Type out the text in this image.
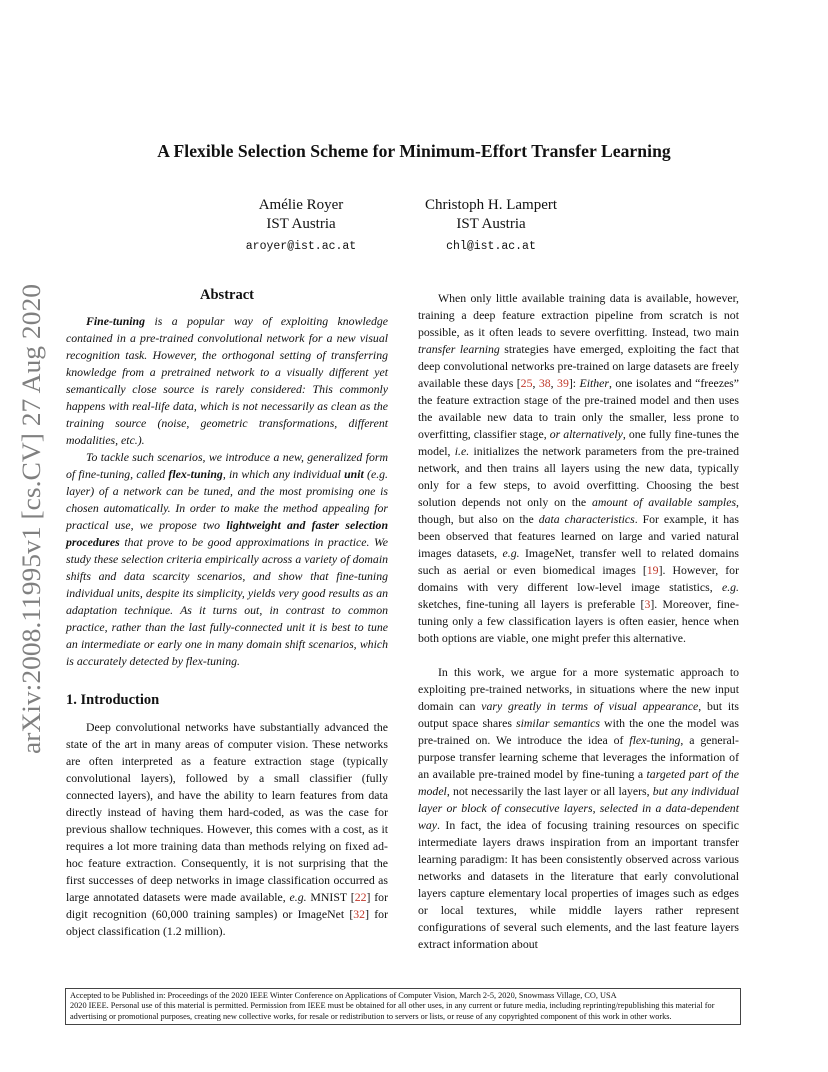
arXiv:2008.11995v1 [cs.CV] 27 Aug 2020
A Flexible Selection Scheme for Minimum-Effort Transfer Learning
Amélie Royer
IST Austria
aroyer@ist.ac.at
Christoph H. Lampert
IST Austria
chl@ist.ac.at
Abstract

Fine-tuning is a popular way of exploiting knowledge contained in a pre-trained convolutional network for a new visual recognition task. However, the orthogonal setting of transferring knowledge from a pretrained network to a visually different yet semantically close source is rarely considered: This commonly happens with real-life data, which is not necessarily as clean as the training source (noise, geometric transformations, different modalities, etc.).

To tackle such scenarios, we introduce a new, generalized form of fine-tuning, called flex-tuning, in which any individual unit (e.g. layer) of a network can be tuned, and the most promising one is chosen automatically. In order to make the method appealing for practical use, we propose two lightweight and faster selection procedures that prove to be good approximations in practice. We study these selection criteria empirically across a variety of domain shifts and data scarcity scenarios, and show that fine-tuning individual units, despite its simplicity, yields very good results as an adaptation technique. As it turns out, in contrast to common practice, rather than the last fully-connected unit it is best to tune an intermediate or early one in many domain shift scenarios, which is accurately detected by flex-tuning.

1. Introduction

Deep convolutional networks have substantially advanced the state of the art in many areas of computer vision. These networks are often interpreted as a feature extraction stage (typically convolutional layers), followed by a small classifier (fully connected layers), and have the ability to learn features from data directly instead of having them hard-coded, as was the case for previous shallow techniques. However, this comes with a cost, as it requires a lot more training data than methods relying on fixed ad-hoc feature extraction. Consequently, it is not surprising that the first successes of deep networks in image classification occurred as large annotated datasets were made available, e.g. MNIST [22] for digit recognition (60,000 training samples) or ImageNet [32] for object classification (1.2 million).

When only little available training data is available, however, training a deep feature extraction pipeline from scratch is not possible, as it often leads to severe overfitting. Instead, two main transfer learning strategies have emerged, exploiting the fact that deep convolutional networks pre-trained on large datasets are freely available these days [25, 38, 39]: Either, one isolates and “freezes” the feature extraction stage of the pre-trained model and then uses the available new data to train only the smaller, less prone to overfitting, classifier stage, or alternatively, one fully fine-tunes the model, i.e. initializes the network parameters from the pre-trained network, and then trains all layers using the new data, typically only for a few steps, to avoid overfitting. Choosing the best solution depends not only on the amount of available samples, though, but also on the data characteristics. For example, it has been observed that features learned on large and varied natural images datasets, e.g. ImageNet, transfer well to related domains such as aerial or even biomedical images [19]. However, for domains with very different low-level image statistics, e.g. sketches, fine-tuning all layers is preferable [3]. Moreover, fine-tuning only a few classification layers is often easier, hence when both options are viable, one might prefer this alternative.

In this work, we argue for a more systematic approach to exploiting pre-trained networks, in situations where the new input domain can vary greatly in terms of visual appearance, but its output space shares similar semantics with the one the model was pre-trained on. We introduce the idea of flex-tuning, a general-purpose transfer learning scheme that leverages the information of an available pre-trained model by fine-tuning a targeted part of the model, not necessarily the last layer or all layers, but any individual layer or block of consecutive layers, selected in a data-dependent way. In fact, the idea of focusing training resources on specific intermediate layers draws inspiration from an important transfer learning paradigm: It has been consistently observed across various networks and datasets in the literature that early convolutional layers capture elementary local properties of images such as edges or local textures, while middle layers rather represent configurations of several such elements, and the last feature layers extract information about

Accepted to be Published in: Proceedings of the 2020 IEEE Winter Conference on Applications of Computer Vision, March 2-5, 2020, Snowmass Village, CO, USA
2020 IEEE. Personal use of this material is permitted. Permission from IEEE must be obtained for all other uses, in any current or future media, including reprinting/republishing this material for advertising or promotional purposes, creating new collective works, for resale or redistribution to servers or lists, or reuse of any copyrighted component of this work in other works.
